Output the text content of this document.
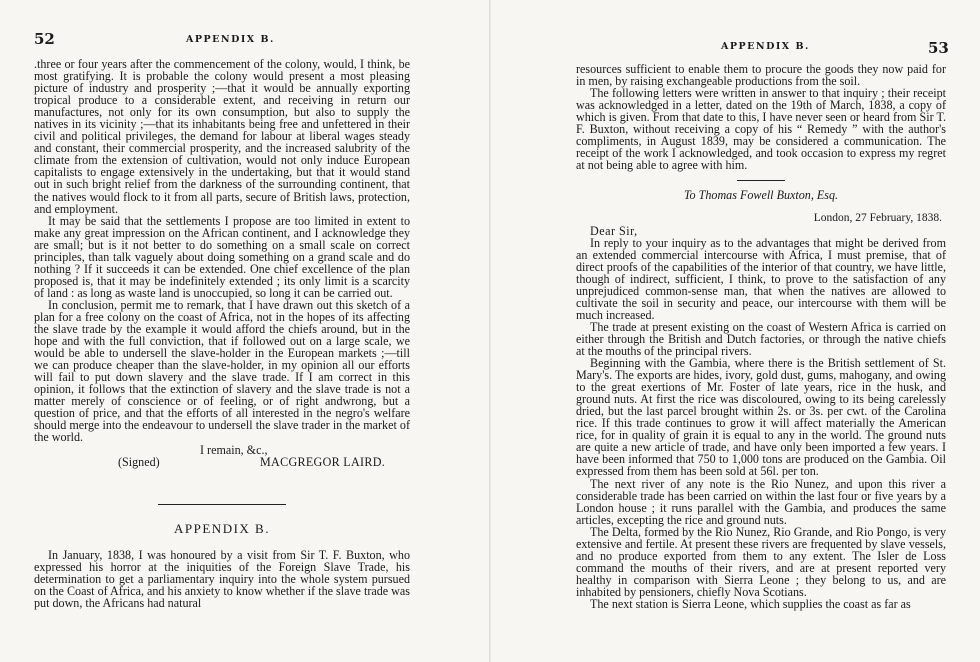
52	APPENDIX B.

.three or four years after the commencement of the colony, would, I think, be most gratifying. It is probable the colony would present a most pleasing picture of industry and prosperity ;—that it would be annually exporting tropical produce to a considerable extent, and receiving in return our manufactures, not only for its own consumption, but also to supply the natives in its vicinity ;—that its inhabitants being free and unfettered in their civil and political privileges, the demand for labour at liberal wages steady and constant, their commercial prosperity, and the increased salubrity of the climate from the extension of cultivation, would not only induce European capitalists to engage extensively in the undertaking, but that it would stand out in such bright relief from the darkness of the surrounding continent, that the natives would flock to it from all parts, secure of British laws, protection, and employment.

It may be said that the settlements I propose are too limited in extent to make any great impression on the African continent, and I acknowledge they are small; but is it not better to do something on a small scale on correct principles, than talk vaguely about doing something on a grand scale and do nothing ? If it succeeds it can be extended. One chief excellence of the plan proposed is, that it may be indefinitely extended ; its only limit is a scarcity of land : as long as waste land is unoccupied, so long it can be carried out.

In conclusion, permit me to remark, that I have drawn out this sketch of a plan for a free colony on the coast of Africa, not in the hopes of its affecting the slave trade by the example it would afford the chiefs around, but in the hope and with the full conviction, that if followed out on a large scale, we would be able to undersell the slave-holder in the European markets ;—till we can produce cheaper than the slave-holder, in my opinion all our efforts will fail to put down slavery and the slave trade. If I am correct in this opinion, it follows that the extinction of slavery and the slave trade is not a matter merely of conscience or of feeling, or of right andwrong, but a question of price, and that the efforts of all interested in the negro's welfare should merge into the endeavour to undersell the slave trader in the market of the world.

I remain, &c.,
(Signed)	MACGREGOR LAIRD.
APPENDIX B.

In January, 1838, I was honoured by a visit from Sir T. F. Buxton, who expressed his horror at the iniquities of the Foreign Slave Trade, his determination to get a parliamentary inquiry into the whole system pursued on the Coast of Africa, and his anxiety to know whether if the slave trade was put down, the Africans had natural

APPENDIX B.	53

resources sufficient to enable them to procure the goods they now paid for in men, by raising exchangeable productions from the soil.

The following letters were written in answer to that inquiry ; their receipt was acknowledged in a letter, dated on the 19th of March, 1838, a copy of which is given. From that date to this, I have never seen or heard from Sir T. F. Buxton, without receiving a copy of his “ Remedy ” with the author's compliments, in August 1839, may be considered a communication. The receipt of the work I acknowledged, and took occasion to express my regret at not being able to agree with him.

To Thomas Fowell Buxton, Esq.
London, 27 February, 1838.

Dear Sir,

In reply to your inquiry as to the advantages that might be derived from an extended commercial intercourse with Africa, I must premise, that of direct proofs of the capabilities of the interior of that country, we have little, though of indirect, sufficient, I think, to prove to the satisfaction of any unprejudiced common-sense man, that when the natives are allowed to cultivate the soil in security and peace, our intercourse with them will be much increased.

The trade at present existing on the coast of Western Africa is carried on either through the British and Dutch factories, or through the native chiefs at the mouths of the principal rivers.

Beginning with the Gambia, where there is the British settlement of St. Mary's. The exports are hides, ivory, gold dust, gums, mahogany, and owing to the great exertions of Mr. Foster of late years, rice in the husk, and ground nuts. At first the rice was discoloured, owing to its being carelessly dried, but the last parcel brought within 2s. or 3s. per cwt. of the Carolina rice. If this trade continues to grow it will affect materially the American rice, for in quality of grain it is equal to any in the world. The ground nuts are quite a new article of trade, and have only been imported a few years. I have been informed that 750 to 1,000 tons are produced on the Gambia. Oil expressed from them has been sold at 56l. per ton.

The next river of any note is the Rio Nunez, and upon this river a considerable trade has been carried on within the last four or five years by a London house ; it runs parallel with the Gambia, and produces the same articles, excepting the rice and ground nuts.

The Delta, formed by the Rio Nunez, Rio Grande, and Rio Pongo, is very extensive and fertile. At present these rivers are frequented by slave vessels, and no produce exported from them to any extent. The Isler de Loss command the mouths of their rivers, and are at present reported very healthy in comparison with Sierra Leone ; they belong to us, and are inhabited by pensioners, chiefly Nova Scotians.

The next station is Sierra Leone, which supplies the coast as far as
